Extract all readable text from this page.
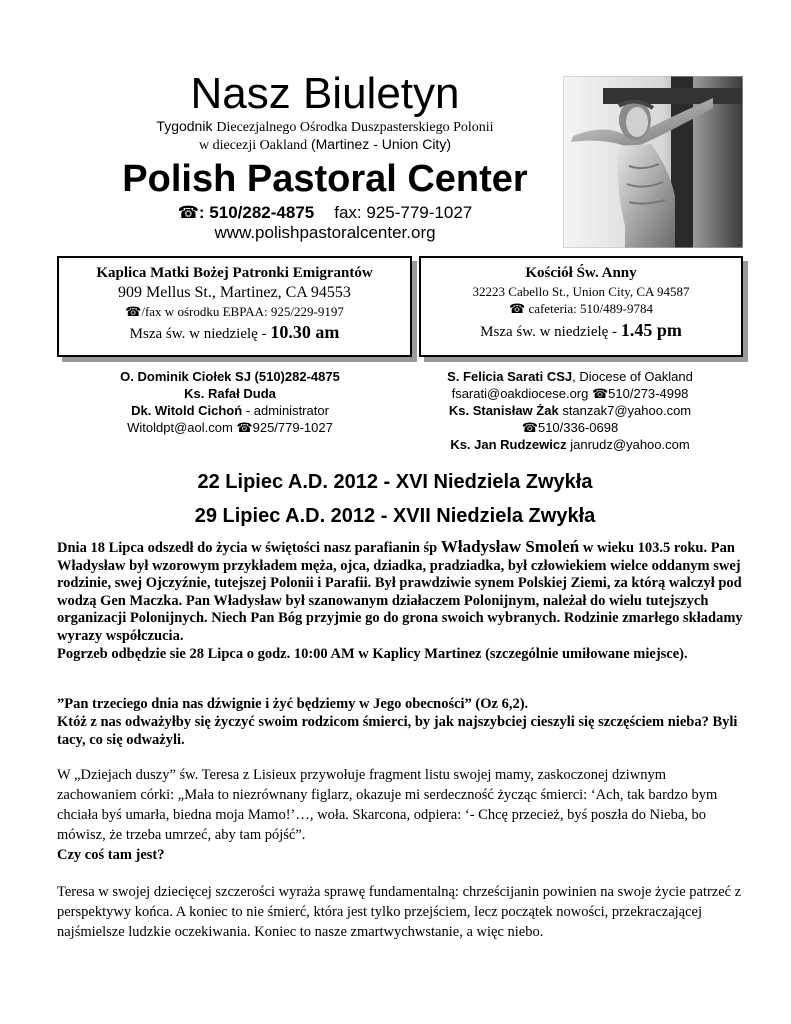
Nasz Biuletyn
Tygodnik Diecezjalnego Ośrodka Duszpasterskiego Polonii
w diecezji Oakland (Martinez - Union City)
Polish Pastoral Center
☎: 510/282-4875 fax: 925-779-1027
www.polishpastoralcenter.org
Kaplica Matki Bożej Patronki Emigrantów
909 Mellus St., Martinez, CA 94553
☎/fax w ośrodku EBPAA: 925/229-9197
Msza św. w niedzielę - 10.30 am
Kościół Św. Anny
32223 Cabello St., Union City, CA 94587
☎ cafeteria: 510/489-9784
Msza św. w niedzielę - 1.45 pm
O. Dominik Ciołek SJ (510)282-4875
Ks. Rafał Duda
Dk. Witold Cichoń - administrator
Witoldpt@aol.com ☎925/779-1027
S. Felicia Sarati CSJ, Diocese of Oakland
fsarati@oakdiocese.org ☎510/273-4998
Ks. Stanisław Żak stanzak7@yahoo.com
☎510/336-0698
Ks. Jan Rudzewicz janrudz@yahoo.com
22 Lipiec A.D. 2012 - XVI Niedziela Zwykła
29 Lipiec A.D. 2012 - XVII Niedziela Zwykła

Dnia 18 Lipca odszedł do życia w świętości nasz parafianin śp Władysław Smoleń w wieku 103.5 roku. Pan Władysław był wzorowym przykładem męża, ojca, dziadka, pradziadka, był człowiekiem wielce oddanym swej rodzinie, swej Ojczyźnie, tutejszej Polonii i Parafii. Był prawdziwie synem Polskiej Ziemi, za którą walczył pod wodzą Gen Maczka. Pan Władysław był szanowanym działaczem Polonijnym, należał do wielu tutejszych organizacji Polonijnych. Niech Pan Bóg przyjmie go do grona swoich wybranych. Rodzinie zmarłego składamy wyrazy współczucia.

Pogrzeb odbędzie sie 28 Lipca o godz. 10:00 AM w Kaplicy Martinez (szczególnie umiłowane miejsce).

”Pan trzeciego dnia nas dźwignie i żyć będziemy w Jego obecności” (Oz 6,2).

Któż z nas odważyłby się życzyć swoim rodzicom śmierci, by jak najszybciej cieszyli się szczęściem nieba? Byli tacy, co się odważyli.

W „Dziejach duszy” św. Teresa z Lisieux przywołuje fragment listu swojej mamy, zaskoczonej dziwnym zachowaniem córki: „Mała to niezrównany figlarz, okazuje mi serdeczność życząc śmierci: ‘Ach, tak bardzo bym chciała byś umarła, biedna moja Mamo!’…, woła. Skarcona, odpiera: ‘- Chcę przecież, byś poszła do Nieba, bo mówisz, że trzeba umrzeć, aby tam pójść”.

Czy coś tam jest?

Teresa w swojej dziecięcej szczerości wyraża sprawę fundamentalną: chrześcijanin powinien na swoje życie patrzeć z perspektywy końca. A koniec to nie śmierć, która jest tylko przejściem, lecz początek nowości, przekraczającej najśmielsze ludzkie oczekiwania. Koniec to nasze zmartwychwstanie, a więc niebo.
